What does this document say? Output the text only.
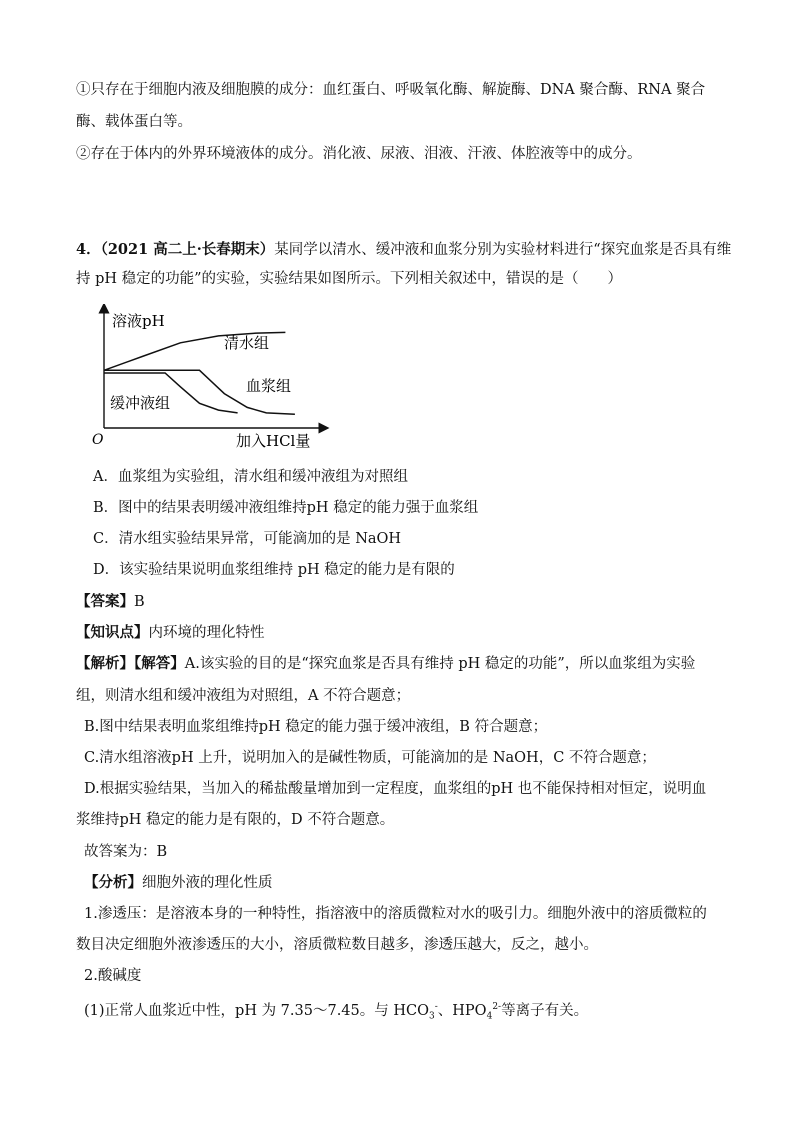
①只存在于细胞内液及细胞膜的成分：血红蛋白、呼吸氧化酶、解旋酶、DNA 聚合酶、RNA 聚合
酶、载体蛋白等。
②存在于体内的外界环境液体的成分。消化液、尿液、泪液、汗液、体腔液等中的成分。
4．（2021 高二上·长春期末）某同学以清水、缓冲液和血浆分别为实验材料进行“探究血浆是否具有维
持 pH 稳定的功能”的实验，实验结果如图所示。下列相关叙述中，错误的是（　　）
溶液pH
加入HCl量
O
清水组
血浆组
缓冲液组
A．血浆组为实验组，清水组和缓冲液组为对照组
B．图中的结果表明缓冲液组维持pH 稳定的能力强于血浆组
C．清水组实验结果异常，可能滴加的是 NaOH
D．该实验结果说明血浆组维持 pH 稳定的能力是有限的
【答案】B
【知识点】内环境的理化特性
【解析】【解答】A.该实验的目的是“探究血浆是否具有维持 pH 稳定的功能”，所以血浆组为实验
组，则清水组和缓冲液组为对照组，A 不符合题意；
B.图中结果表明血浆组维持pH 稳定的能力强于缓冲液组，B 符合题意；
C.清水组溶液pH 上升，说明加入的是碱性物质，可能滴加的是 NaOH，C 不符合题意；
D.根据实验结果，当加入的稀盐酸量增加到一定程度，血浆组的pH 也不能保持相对恒定，说明血
浆维持pH 稳定的能力是有限的，D 不符合题意。
故答案为：B
【分析】细胞外液的理化性质
1.渗透压：是溶液本身的一种特性，指溶液中的溶质微粒对水的吸引力。细胞外液中的溶质微粒的
数目决定细胞外液渗透压的大小，溶质微粒数目越多，渗透压越大，反之，越小。
2.酸碱度
(1)正常人血浆近中性，pH 为 7.35～7.45。与 $HCO_3^-$、$HPO_4^{2-}$等离子有关。
